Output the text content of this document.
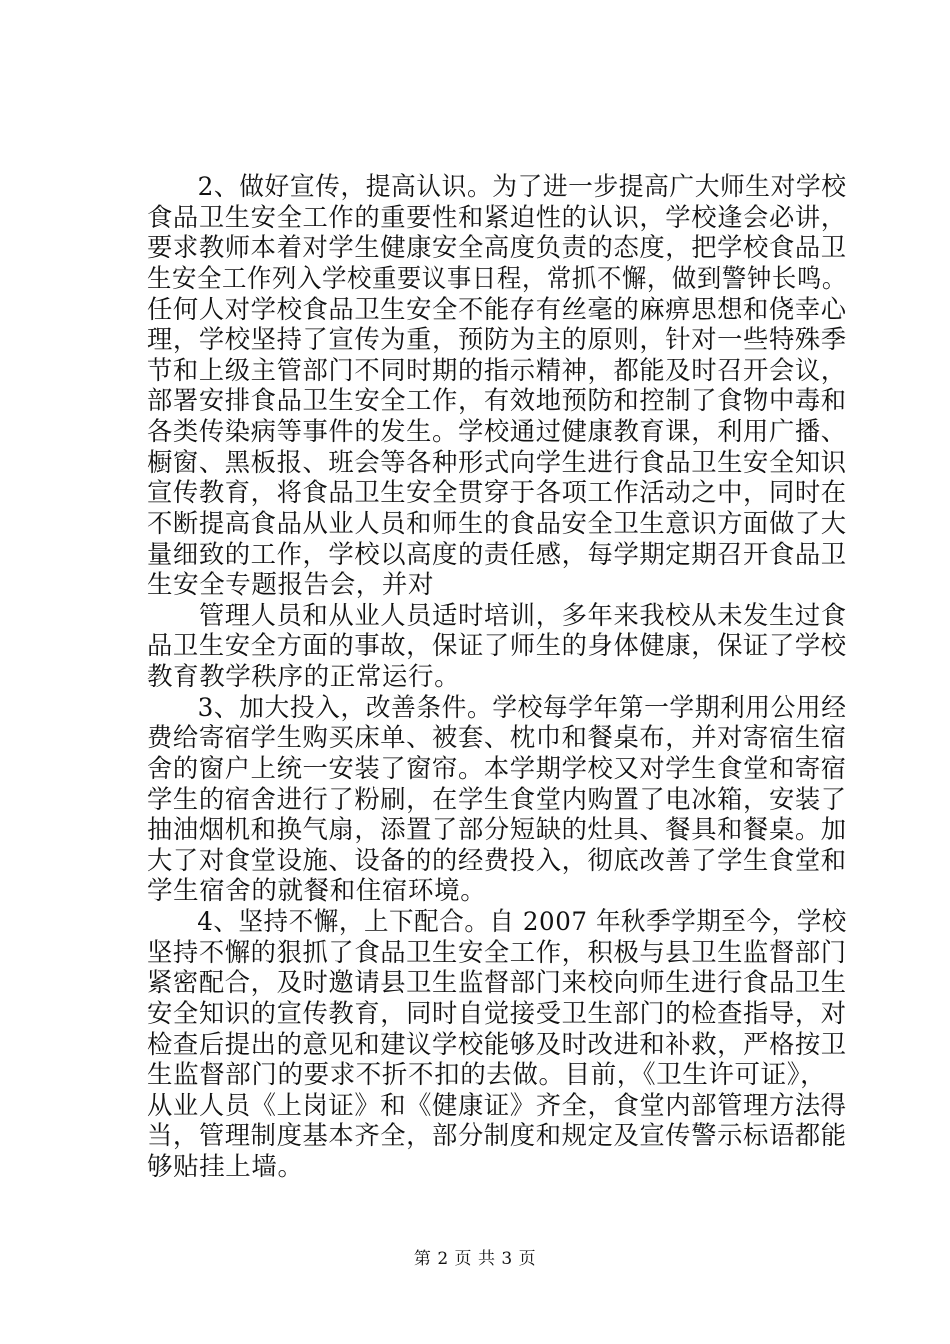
　　2、做好宣传，提高认识。为了进一步提高广大师生对学校
食品卫生安全工作的重要性和紧迫性的认识，学校逢会必讲，
要求教师本着对学生健康安全高度负责的态度，把学校食品卫
生安全工作列入学校重要议事日程，常抓不懈，做到警钟长鸣。
任何人对学校食品卫生安全不能存有丝毫的麻痹思想和侥幸心
理，学校坚持了宣传为重，预防为主的原则，针对一些特殊季
节和上级主管部门不同时期的指示精神，都能及时召开会议，
部署安排食品卫生安全工作，有效地预防和控制了食物中毒和
各类传染病等事件的发生。学校通过健康教育课，利用广播、
橱窗、黑板报、班会等各种形式向学生进行食品卫生安全知识
宣传教育，将食品卫生安全贯穿于各项工作活动之中，同时在
不断提高食品从业人员和师生的食品安全卫生意识方面做了大
量细致的工作，学校以高度的责任感，每学期定期召开食品卫
生安全专题报告会，并对
　　管理人员和从业人员适时培训，多年来我校从未发生过食
品卫生安全方面的事故，保证了师生的身体健康，保证了学校
教育教学秩序的正常运行。
　　3、加大投入，改善条件。学校每学年第一学期利用公用经
费给寄宿学生购买床单、被套、枕巾和餐桌布，并对寄宿生宿
舍的窗户上统一安装了窗帘。本学期学校又对学生食堂和寄宿
学生的宿舍进行了粉刷，在学生食堂内购置了电冰箱，安装了
抽油烟机和换气扇，添置了部分短缺的灶具、餐具和餐桌。加
大了对食堂设施、设备的的经费投入，彻底改善了学生食堂和
学生宿舍的就餐和住宿环境。
　　4、坚持不懈，上下配合。自 2007 年秋季学期至今，学校
坚持不懈的狠抓了食品卫生安全工作，积极与县卫生监督部门
紧密配合，及时邀请县卫生监督部门来校向师生进行食品卫生
安全知识的宣传教育，同时自觉接受卫生部门的检查指导，对
检查后提出的意见和建议学校能够及时改进和补救，严格按卫
生监督部门的要求不折不扣的去做。目前，《卫生许可证》，
从业人员《上岗证》和《健康证》齐全，食堂内部管理方法得
当，管理制度基本齐全，部分制度和规定及宣传警示标语都能
够贴挂上墙。
第 2 页 共 3 页
